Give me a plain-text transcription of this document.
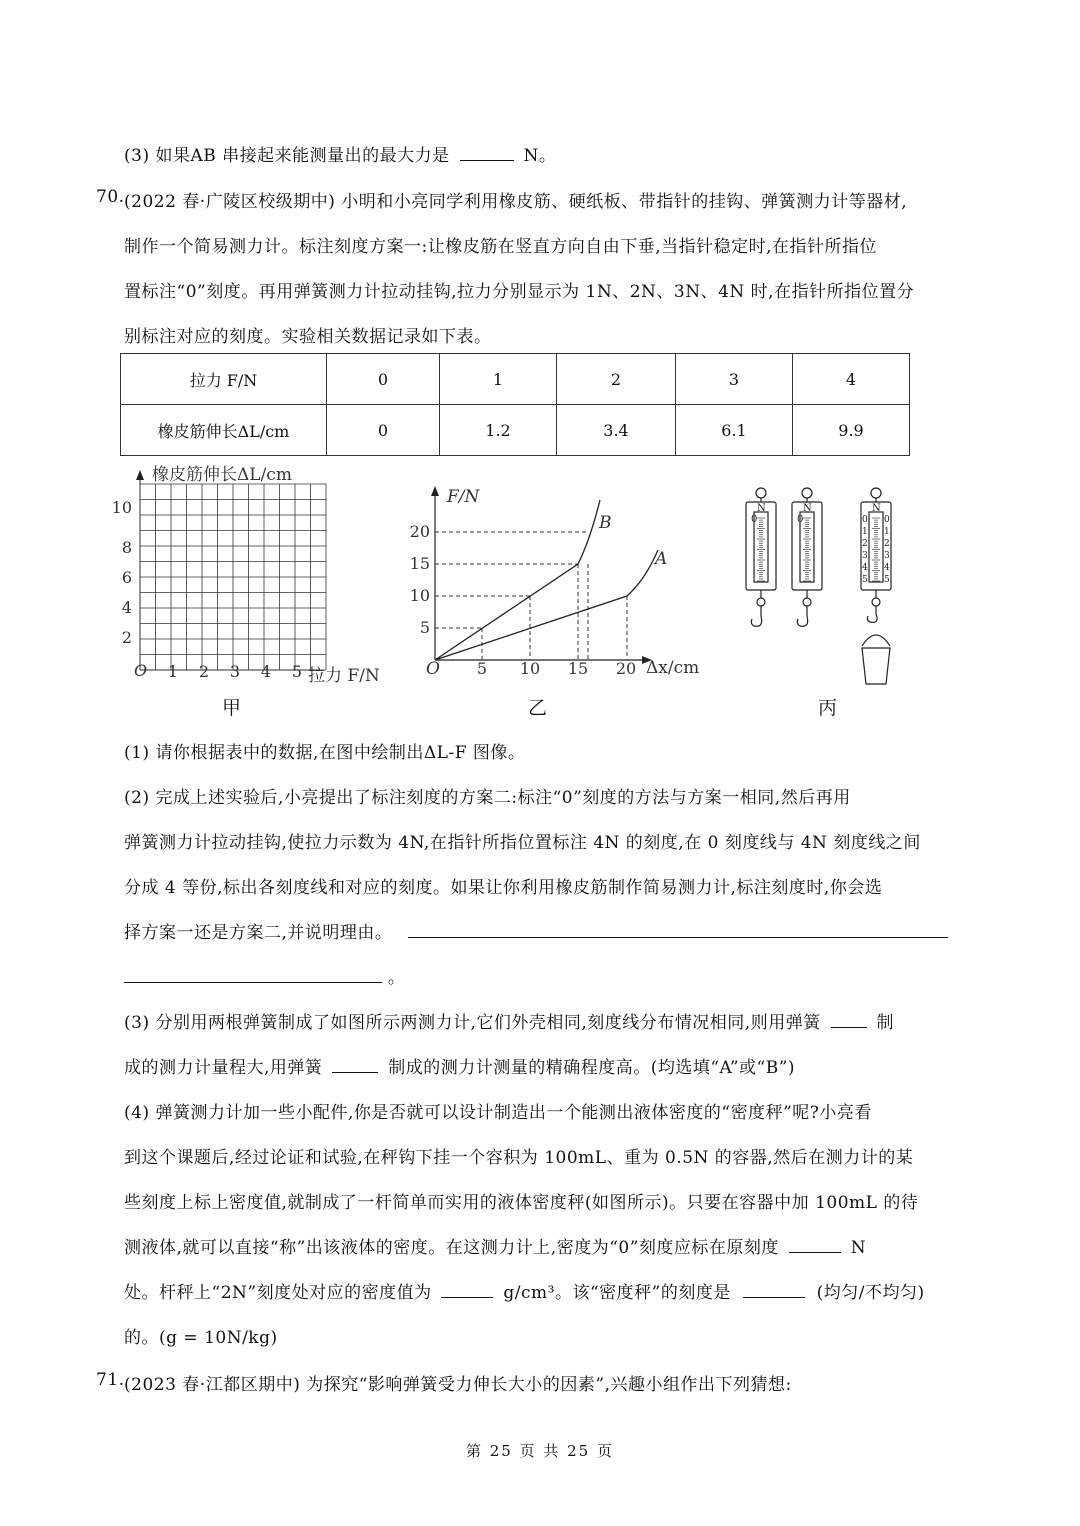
(3) 如果AB 串接起来能测量出的最大力是	N。
70. (2022 春·广陵区校级期中) 小明和小亮同学利用橡皮筋、硬纸板、带指针的挂钩、弹簧测力计等器材,
制作一个简易测力计。标注刻度方案一:让橡皮筋在竖直方向自由下垂,当指针稳定时,在指针所指位
置标注“0”刻度。再用弹簧测力计拉动挂钩,拉力分别显示为 1N、2N、3N、4N 时,在指针所指位置分
别标注对应的刻度。实验相关数据记录如下表。
拉力 F/N	0	1	2	3	4
橡皮筋伸长ΔL/cm	0	1.2	3.4	6.1	9.9
橡皮筋伸长ΔL/cm
拉力 F/N
O
2
4
6
8
10
1 2 3 4 5
甲
F/N
Δx/cm
O
5
10
15
20
5 10 15 20
B
A
乙
0
N
0
N	N
0 0
1
2
3
4
5
1
2
3
4
5
丙
(1) 请你根据表中的数据,在图中绘制出ΔL-F 图像。
(2) 完成上述实验后,小亮提出了标注刻度的方案二:标注“0”刻度的方法与方案一相同,然后再用
弹簧测力计拉动挂钩,使拉力示数为 4N,在指针所指位置标注 4N 的刻度,在 0 刻度线与 4N 刻度线之间
分成 4 等份,标出各刻度线和对应的刻度。如果让你利用橡皮筋制作简易测力计,标注刻度时,你会选
择方案一还是方案二,并说明理由。
。
(3) 分别用两根弹簧制成了如图所示两测力计,它们外壳相同,刻度线分布情况相同,则用弹簧	制
成的测力计量程大,用弹簧	制成的测力计测量的精确程度高。(均选填“A”或“B”)
(4) 弹簧测力计加一些小配件,你是否就可以设计制造出一个能测出液体密度的“密度秤”呢?小亮看
到这个课题后,经过论证和试验,在秤钩下挂一个容积为 100mL、重为 0.5N 的容器,然后在测力计的某
些刻度上标上密度值,就制成了一杆简单而实用的液体密度秤(如图所示)。只要在容器中加 100mL 的待
测液体,就可以直接“称”出该液体的密度。在这测力计上,密度为“0”刻度应标在原刻度	N
处。杆秤上“2N”刻度处对应的密度值为	g/cm³。该“密度秤”的刻度是	(均匀/不均匀)
的。(g = 10N/kg)
71. (2023 春·江都区期中) 为探究“影响弹簧受力伸长大小的因素”,兴趣小组作出下列猜想:
第 25 页 共 25 页
